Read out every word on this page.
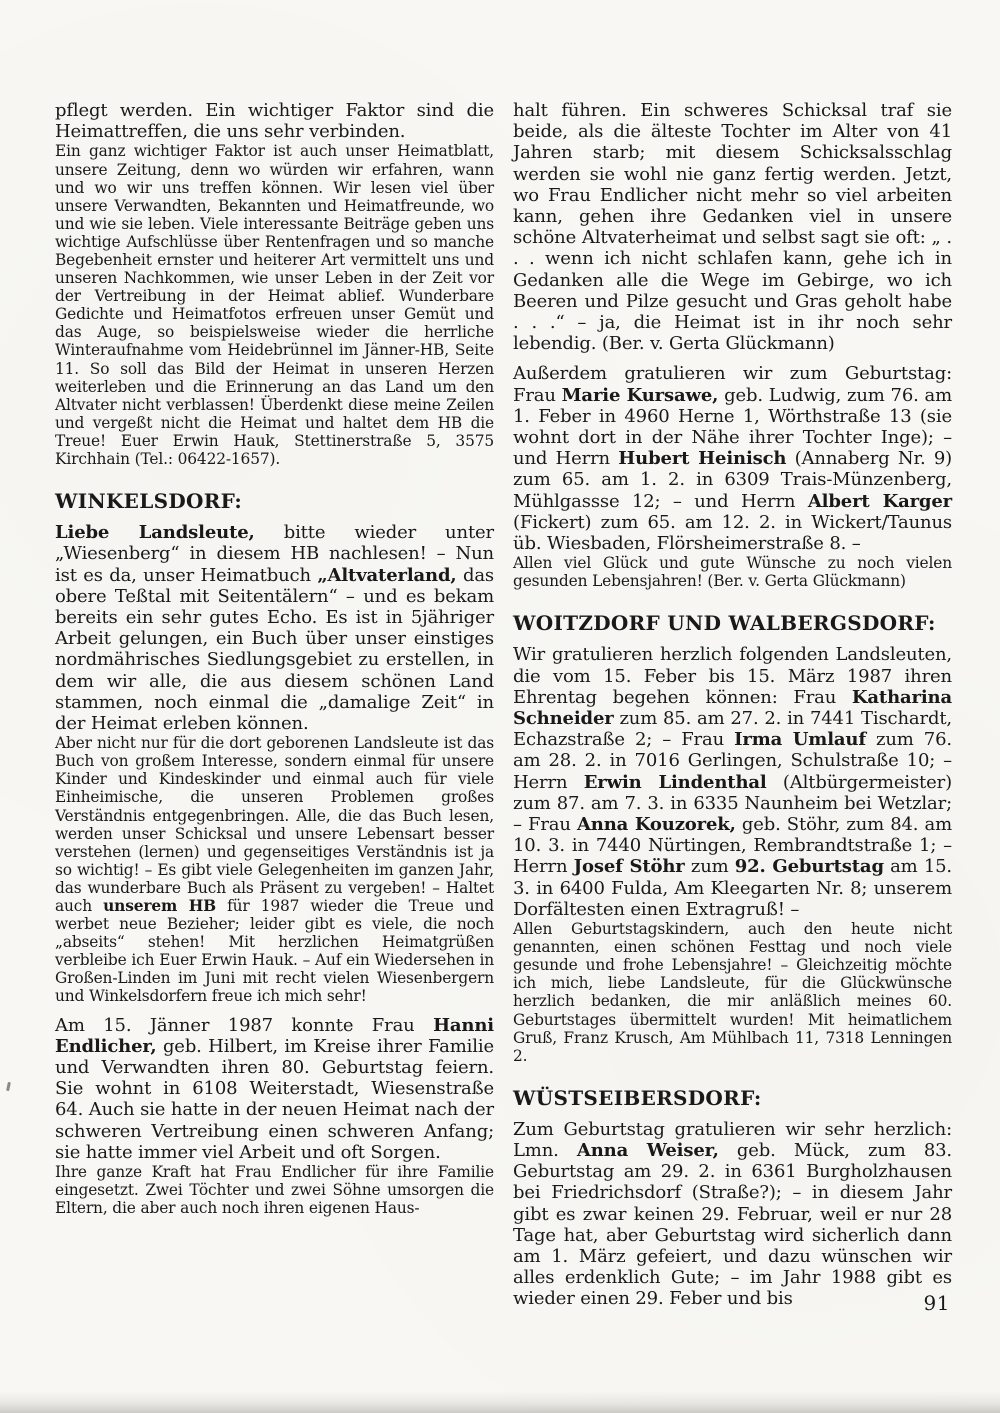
pflegt werden. Ein wichtiger Faktor sind die Heimattreffen, die uns sehr verbinden.
Ein ganz wichtiger Faktor ist auch unser Heimatblatt, unsere Zeitung, denn wo würden wir erfahren, wann und wo wir uns treffen können. Wir lesen viel über unsere Verwandten, Bekannten und Heimatfreunde, wo und wie sie leben. Viele interessante Beiträge geben uns wichtige Aufschlüsse über Rentenfragen und so manche Begebenheit ernster und heiterer Art vermittelt uns und unseren Nachkommen, wie unser Leben in der Zeit vor der Vertreibung in der Heimat ablief. Wunderbare Gedichte und Heimatfotos erfreuen unser Gemüt und das Auge, so beispielsweise wieder die herrliche Winteraufnahme vom Heidebrünnel im Jänner-HB, Seite 11. So soll das Bild der Heimat in unseren Herzen weiterleben und die Erinnerung an das Land um den Altvater nicht verblassen! Überdenkt diese meine Zeilen und vergeßt nicht die Heimat und haltet dem HB die Treue! Euer Erwin Hauk, Stettinerstraße 5, 3575 Kirchhain (Tel.: 06422-1657).
WINKELSDORF:
Liebe Landsleute, bitte wieder unter „Wiesenberg“ in diesem HB nachlesen! – Nun ist es da, unser Heimatbuch „Altvaterland, das obere Teßtal mit Seitentälern“ – und es bekam bereits ein sehr gutes Echo. Es ist in 5jähriger Arbeit gelungen, ein Buch über unser einstiges nordmährisches Siedlungsgebiet zu erstellen, in dem wir alle, die aus diesem schönen Land stammen, noch einmal die „damalige Zeit“ in der Heimat erleben können.
Aber nicht nur für die dort geborenen Landsleute ist das Buch von großem Interesse, sondern einmal für unsere Kinder und Kindeskinder und einmal auch für viele Einheimische, die unseren Problemen großes Verständnis entgegenbringen. Alle, die das Buch lesen, werden unser Schicksal und unsere Lebensart besser verstehen (lernen) und gegenseitiges Verständnis ist ja so wichtig! – Es gibt viele Gelegenheiten im ganzen Jahr, das wunderbare Buch als Präsent zu vergeben! – Haltet auch unserem HB für 1987 wieder die Treue und werbet neue Bezieher; leider gibt es viele, die noch „abseits“ stehen! Mit herzlichen Heimatgrüßen verbleibe ich Euer Erwin Hauk. – Auf ein Wiedersehen in Großen-Linden im Juni mit recht vielen Wiesenbergern und Winkelsdorfern freue ich mich sehr!
Am 15. Jänner 1987 konnte Frau Hanni Endlicher, geb. Hilbert, im Kreise ihrer Familie und Verwandten ihren 80. Geburtstag feiern. Sie wohnt in 6108 Weiterstadt, Wiesenstraße 64. Auch sie hatte in der neuen Heimat nach der schweren Vertreibung einen schweren Anfang; sie hatte immer viel Arbeit und oft Sorgen.
Ihre ganze Kraft hat Frau Endlicher für ihre Familie eingesetzt. Zwei Töchter und zwei Söhne umsorgen die Eltern, die aber auch noch ihren eigenen Haus-
halt führen. Ein schweres Schicksal traf sie beide, als die älteste Tochter im Alter von 41 Jahren starb; mit diesem Schicksalsschlag werden sie wohl nie ganz fertig werden. Jetzt, wo Frau Endlicher nicht mehr so viel arbeiten kann, gehen ihre Gedanken viel in unsere schöne Altvaterheimat und selbst sagt sie oft: „ . . . wenn ich nicht schlafen kann, gehe ich in Gedanken alle die Wege im Gebirge, wo ich Beeren und Pilze gesucht und Gras geholt habe . . .“ – ja, die Heimat ist in ihr noch sehr lebendig. (Ber. v. Gerta Glückmann)
Außerdem gratulieren wir zum Geburtstag: Frau Marie Kursawe, geb. Ludwig, zum 76. am 1. Feber in 4960 Herne 1, Wörthstraße 13 (sie wohnt dort in der Nähe ihrer Tochter Inge); – und Herrn Hubert Heinisch (Annaberg Nr. 9) zum 65. am 1. 2. in 6309 Trais-Münzenberg, Mühlgassse 12; – und Herrn Albert Karger (Fickert) zum 65. am 12. 2. in Wickert/Taunus üb. Wiesbaden, Flörsheimerstraße 8. –
Allen viel Glück und gute Wünsche zu noch vielen gesunden Lebensjahren! (Ber. v. Gerta Glückmann)
WOITZDORF UND WALBERGSDORF:
Wir gratulieren herzlich folgenden Landsleuten, die vom 15. Feber bis 15. März 1987 ihren Ehrentag begehen können: Frau Katharina Schneider zum 85. am 27. 2. in 7441 Tischardt, Echazstraße 2; – Frau Irma Umlauf zum 76. am 28. 2. in 7016 Gerlingen, Schulstraße 10; – Herrn Erwin Lindenthal (Altbürgermeister) zum 87. am 7. 3. in 6335 Naunheim bei Wetzlar; – Frau Anna Kouzorek, geb. Stöhr, zum 84. am 10. 3. in 7440 Nürtingen, Rembrandtstraße 1; – Herrn Josef Stöhr zum 92. Geburtstag am 15. 3. in 6400 Fulda, Am Kleegarten Nr. 8; unserem Dorfältesten einen Extragruß! –
Allen Geburtstagskindern, auch den heute nicht genannten, einen schönen Festtag und noch viele gesunde und frohe Lebensjahre! – Gleichzeitig möchte ich mich, liebe Landsleute, für die Glückwünsche herzlich bedanken, die mir anläßlich meines 60. Geburtstages übermittelt wurden! Mit heimatlichem Gruß, Franz Krusch, Am Mühlbach 11, 7318 Lenningen 2.
WÜSTSEIBERSDORF:
Zum Geburtstag gratulieren wir sehr herzlich: Lmn. Anna Weiser, geb. Mück, zum 83. Geburtstag am 29. 2. in 6361 Burgholzhausen bei Friedrichsdorf (Straße?); – in diesem Jahr gibt es zwar keinen 29. Februar, weil er nur 28 Tage hat, aber Geburtstag wird sicherlich dann am 1. März gefeiert, und dazu wünschen wir alles erdenklich Gute; – im Jahr 1988 gibt es wieder einen 29. Feber und bis	91
